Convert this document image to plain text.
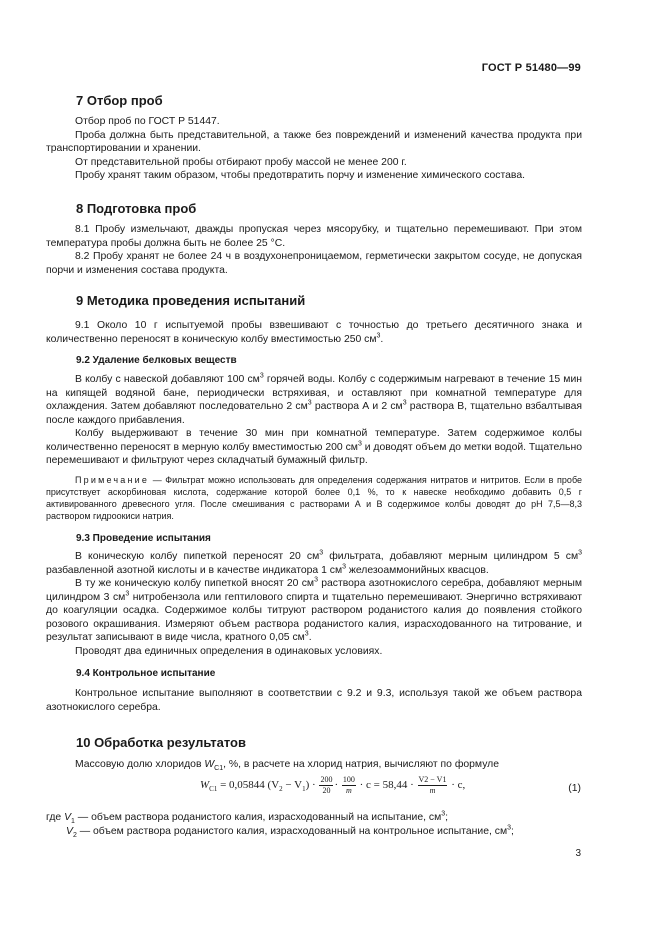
ГОСТ Р 51480—99
7 Отбор проб

Отбор проб по ГОСТ Р 51447.

Проба должна быть представительной, а также без повреждений и изменений качества продукта при транспортировании и хранении.

От представительной пробы отбирают пробу массой не менее 200 г.

Пробу хранят таким образом, чтобы предотвратить порчу и изменение химического состава.

8 Подготовка проб

8.1 Пробу измельчают, дважды пропуская через мясорубку, и тщательно перемешивают. При этом температура пробы должна быть не более 25 °С.

8.2 Пробу хранят не более 24 ч в воздухонепроницаемом, герметически закрытом сосуде, не допуская порчи и изменения состава продукта.

9 Методика проведения испытаний

9.1 Около 10 г испытуемой пробы взвешивают с точностью до третьего десятичного знака и количественно переносят в коническую колбу вместимостью 250 $см^3$.

9.2 Удаление белковых веществ

В колбу с навеской добавляют 100 $см^3$ горячей воды. Колбу с содержимым нагревают в течение 15 мин на кипящей водяной бане, периодически встряхивая, и оставляют при комнатной температуре для охлаждения. Затем добавляют последовательно 2 $см^3$ раствора А и 2 $см^3$ раствора В, тщательно взбалтывая после каждого прибавления.

Колбу выдерживают в течение 30 мин при комнатной температуре. Затем содержимое колбы количественно переносят в мерную колбу вместимостью 200 $см^3$ и доводят объем до метки водой. Тщательно перемешивают и фильтруют через складчатый бумажный фильтр.

Примечание — Фильтрат можно использовать для определения содержания нитратов и нитритов. Если в пробе присутствует аскорбиновая кислота, содержание которой более 0,1 %, то к навеске необходимо добавить 0,5 г активированного древесного угля. После смешивания с растворами А и В содержимое колбы доводят до рН 7,5—8,3 раствором гидроокиси натрия.

9.3 Проведение испытания

В коническую колбу пипеткой переносят 20 $см^3$ фильтрата, добавляют мерным цилиндром 5 $см^3$ разбавленной азотной кислоты и в качестве индикатора 1 $см^3$ железоаммонийных квасцов.

В ту же коническую колбу пипеткой вносят 20 $см^3$ раствора азотнокислого серебра, добавляют мерным цилиндром 3 $см^3$ нитробензола или гептилового спирта и тщательно перемешивают. Энергично встряхивают до коагуляции осадка. Содержимое колбы титруют раствором роданистого калия до появления стойкого розового окрашивания. Измеряют объем раствора роданистого калия, израсходованного на титрование, и результат записывают в виде числа, кратного 0,05 $см^3$.

Проводят два единичных определения в одинаковых условиях.

9.4 Контрольное испытание

Контрольное испытание выполняют в соответствии с 9.2 и 9.3, используя такой же объем раствора азотнокислого серебра.

10 Обработка результатов

Массовую долю хлоридов $W_{C1}$, %, в расчете на хлорид натрия, вычисляют по формуле

$W_{C1} = 0,05844$ $(V_2 - V_1) \cdot \frac{200}{20} \cdot \frac{100}{m} \cdot c = 58,44 \cdot \frac{V2 - V1}{m} \cdot c$,	(1)

где $V_1$ — объем раствора роданистого калия, израсходованный на испытание, $см^3$;

$V_2$ — объем раствора роданистого калия, израсходованный на контрольное испытание, $см^3$;

3
